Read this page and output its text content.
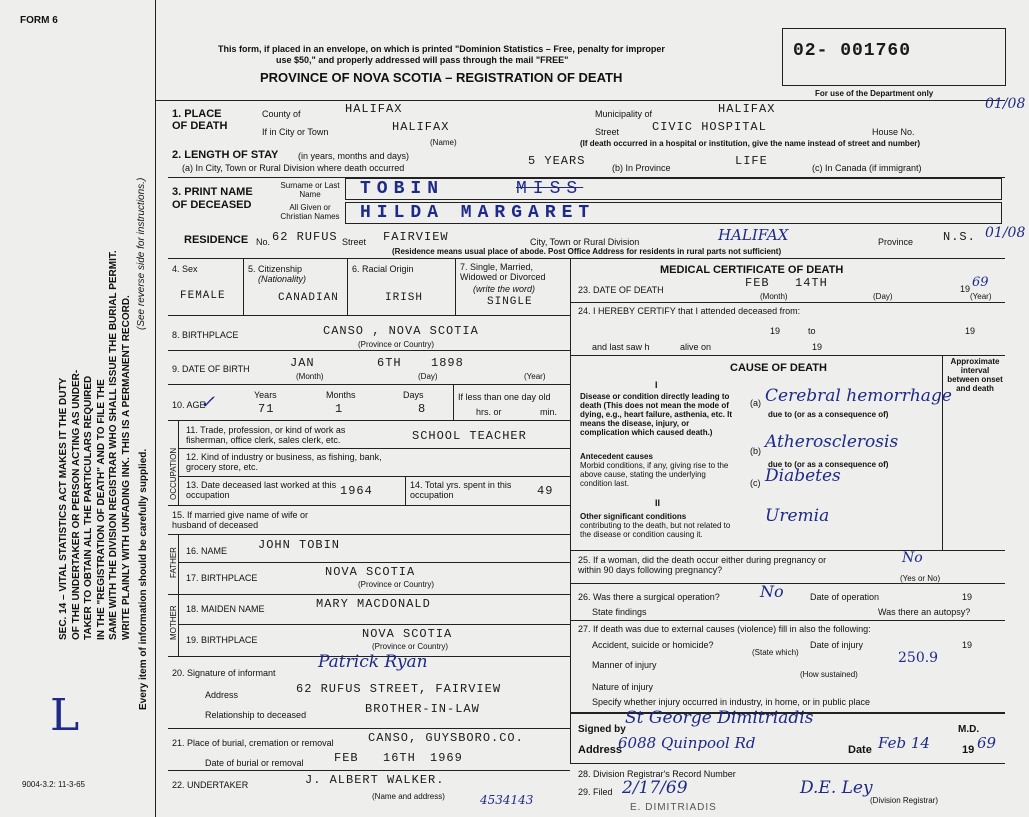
FORM 6
SEC. 14 – VITAL STATISTICS ACT MAKES IT THE DUTY OF THE UNDERTAKER OR PERSON ACTING AS UNDER- TAKER TO OBTAIN ALL THE PARTICULARS REQUIRED IN THE "REGISTRATION OF DEATH" AND TO FILE THE SAME WITH THE DIVISION REGISTRAR WHO SHALL ISSUE THE BURIAL PERMIT. WRITE PLAINLY WITH UNFADING INK. THIS IS A PERMANENT RECORD.
(See reverse side for instructions.)
Every item of information should be carefully supplied.
L
9004-3.2: 11-3-65
This form, if placed in an envelope, on which is printed "Dominion Statistics – Free, penalty for improper
use $50," and properly addressed will pass through the mail "FREE"
PROVINCE OF NOVA SCOTIA – REGISTRATION OF DEATH
02- 001760
For use of the Department only
1. PLACE OF DEATH
County of	HALIFAX	Municipality of	HALIFAX
If in City or Town	HALIFAX
(Name)
Street	CIVIC HOSPITAL	House No.
(If death occurred in a hospital or institution, give the name instead of street and number)
01/08
2. LENGTH OF STAY (in years, months and days)
(a) In City, Town or Rural Division where death occurred	5 YEARS	(b) In Province	LIFE	(c) In Canada (if immigrant)
3. PRINT NAME OF DECEASED
Surname or Last Name	TOBIN	MISS
All Given or Christian Names HILDA MARGARET
RESIDENCE No. 62 RUFUS Street FAIRVIEW	City, Town or Rural Division	HALIFAX	Province N.S.
(Residence means usual place of abode. Post Office Address for residents in rural parts not sufficient)
01/08
4. Sex
FEMALE
5. Citizenship
(Nationality)
CANADIAN
6. Racial Origin
IRISH
7. Single, Married, Widowed or Divorced
(write the word)
SINGLE
MEDICAL CERTIFICATE OF DEATH
23. DATE OF DEATH	FEB 14TH	19 69
(Month)	(Day)	(Year)
24. I HEREBY CERTIFY that I attended deceased from:
19	to	19
and last saw h	alive on	19
8. BIRTHPLACE	CANSO , NOVA SCOTIA
(Province or Country)
9. DATE OF BIRTH	JAN	6TH 1898
(Month)	(Day)	(Year)
10. AGE
✓	Years
71
Months
1
Days
8
If less than one day old
hrs. or	min.
OCCUPATION
11. Trade, profession, or kind of work as fisherman, office clerk, sales clerk, etc.	SCHOOL TEACHER
12. Kind of industry or business, as fishing, bank, grocery store, etc.
13. Date deceased last worked at this occupation	1964	14. Total yrs. spent in this occupation	49
15. If married give name of wife or husband of deceased
FATHER 16. NAME	JOHN TOBIN
17. BIRTHPLACE	NOVA SCOTIA
(Province or Country)
MOTHER 18. MAIDEN NAME	MARY MACDONALD
19. BIRTHPLACE	NOVA SCOTIA
(Province or Country)
20. Signature of informant
Patrick Ryan
Address	62 RUFUS STREET, FAIRVIEW
Relationship to deceased	BROTHER-IN-LAW
21. Place of burial, cremation or removal	CANSO, GUYSBORO.CO.
Date of burial or removal	FEB 16TH 1969
22. UNDERTAKER	J. ALBERT WALKER.
(Name and address)	4534143
CAUSE OF DEATH
Approximate interval between onset and death
I
Disease or condition directly leading to death (This does not mean the mode of dying, e.g., heart failure, asthenia, etc. It means the disease, injury, or complication which caused death.)
(a) Cerebral hemorrhage
due to (or as a consequence of)
Antecedent causes
Morbid conditions, if any, giving rise to the above cause, stating the underlying condition last.
(b) Atherosclerosis
due to (or as a consequence of)
(c) Diabetes
II
Other significant conditions
contributing to the death, but not related to the disease or condition causing it.
Uremia
25. If a woman, did the death occur either during pregnancy or within 90 days following pregnancy?
No
(Yes or No)
26. Was there a surgical operation?	No	Date of operation	19
State findings	Was there an autopsy?
27. If death was due to external causes (violence) fill in also the following:
Accident, suicide or homicide?
(State which)
Date of injury	19
250.9
Manner of injury
(How sustained)
Nature of injury
Specify whether injury occurred in industry, in home, or in public place
Signed by
St George Dimitriadis
M.D.
Address
6088 Quinpool Rd	Date Feb 14	19 69
28. Division Registrar's Record Number
29. Filed 2/17/69	D.E. Ley
(Division Registrar)
E. DIMITRIADIS
